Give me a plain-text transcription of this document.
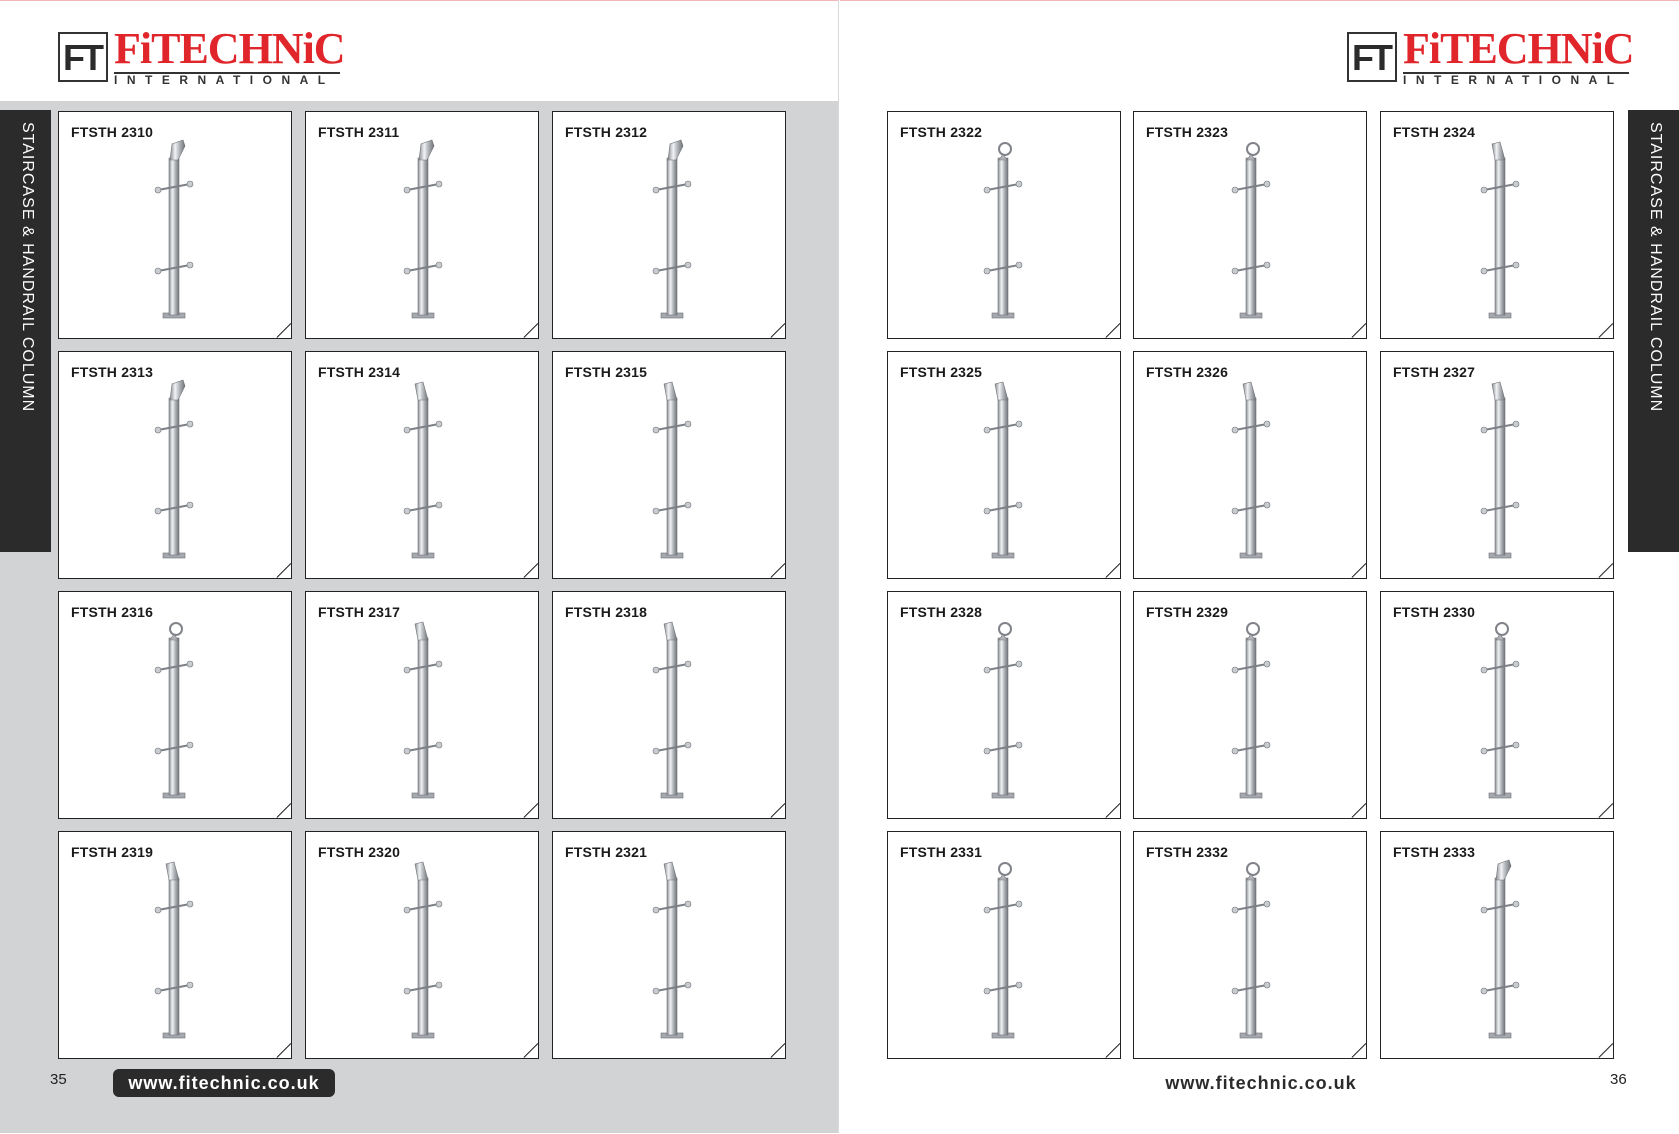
FT FiTECHNiC
INTERNATIONAL
FT FiTECHNiC
INTERNATIONAL
STAIRCASE & HANDRAIL COLUMN	STAIRCASE & HANDRAIL COLUMN
FTSTH 2310	FTSTH 2311	FTSTH 2312
FTSTH 2313	FTSTH 2314	FTSTH 2315
FTSTH 2316	FTSTH 2317	FTSTH 2318
FTSTH 2319	FTSTH 2320	FTSTH 2321
FTSTH 2322	FTSTH 2323	FTSTH 2324
FTSTH 2325	FTSTH 2326	FTSTH 2327
FTSTH 2328	FTSTH 2329	FTSTH 2330
FTSTH 2331	FTSTH 2332	FTSTH 2333
35	www.fitechnic.co.uk	www.fitechnic.co.uk	36
